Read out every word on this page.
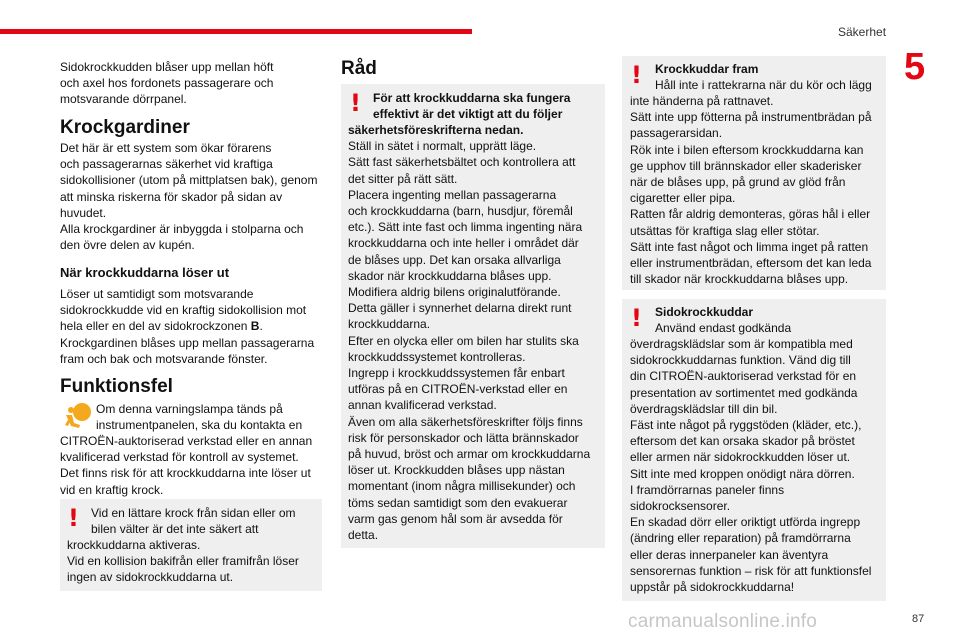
Säkerhet
5

Sidokrockkudden blåser upp mellan höft

och axel hos fordonets passagerare och

motsvarande dörrpanel.

Krockgardiner

Det här är ett system som ökar förarens

och passagerarnas säkerhet vid kraftiga

sidokollisioner (utom på mittplatsen bak), genom

att minska riskerna för skador på sidan av

huvudet.

Alla krockgardiner är inbyggda i stolparna och

den övre delen av kupén.

När krockkuddarna löser ut

Löser ut samtidigt som motsvarande

sidokrockkudde vid en kraftig sidokollision mot

hela eller en del av sidokrockzonen B.

Krockgardinen blåses upp mellan passagerarna

fram och bak och motsvarande fönster.

Funktionsfel

Om denna varningslampa tänds på

instrumentpanelen, ska du kontakta en

CITROËN-auktoriserad verkstad eller en annan

kvalificerad verkstad för kontroll av systemet.

Det finns risk för att krockkuddarna inte löser ut

vid en kraftig krock.

! Vid en lättare krock från sidan eller om

bilen välter är det inte säkert att

krockkuddarna aktiveras.

Vid en kollision bakifrån eller framifrån löser

ingen av sidokrockkuddarna ut.

Råd
! För att krockkuddarna ska fungera

effektivt är det viktigt att du följer

säkerhetsföreskrifterna nedan.

Ställ in sätet i normalt, upprätt läge.

Sätt fast säkerhetsbältet och kontrollera att

det sitter på rätt sätt.

Placera ingenting mellan passagerarna

och krockkuddarna (barn, husdjur, föremål

etc.). Sätt inte fast och limma ingenting nära

krockkuddarna och inte heller i området där

de blåses upp. Det kan orsaka allvarliga

skador när krockkuddarna blåses upp.

Modifiera aldrig bilens originalutförande.

Detta gäller i synnerhet delarna direkt runt

krockkuddarna.

Efter en olycka eller om bilen har stulits ska

krockkuddssystemet kontrolleras.

Ingrepp i krockkuddssystemen får enbart

utföras på en CITROËN-verkstad eller en

annan kvalificerad verkstad.

Även om alla säkerhetsföreskrifter följs finns

risk för personskador och lätta brännskador

på huvud, bröst och armar om krockkuddarna

löser ut. Krockkudden blåses upp nästan

momentant (inom några millisekunder) och

töms sedan samtidigt som den evakuerar

varm gas genom hål som är avsedda för

detta.

! Krockkuddar fram

Håll inte i rattekrarna när du kör och lägg

inte händerna på rattnavet.

Sätt inte upp fötterna på instrumentbrädan på

passagerarsidan.

Rök inte i bilen eftersom krockkuddarna kan

ge upphov till brännskador eller skaderisker

när de blåses upp, på grund av glöd från

cigaretter eller pipa.

Ratten får aldrig demonteras, göras hål i eller

utsättas för kraftiga slag eller stötar.

Sätt inte fast något och limma inget på ratten

eller instrumentbrädan, eftersom det kan leda

till skador när krockkuddarna blåses upp.

! Sidokrockkuddar

Använd endast godkända

överdragsklädslar som är kompatibla med

sidokrockkuddarnas funktion. Vänd dig till

din CITROËN-auktoriserad verkstad för en

presentation av sortimentet med godkända

överdragsklädslar till din bil.

Fäst inte något på ryggstöden (kläder, etc.),

eftersom det kan orsaka skador på bröstet

eller armen när sidokrockkudden löser ut.

Sitt inte med kroppen onödigt nära dörren.

I framdörrarnas paneler finns

sidokrocksensorer.

En skadad dörr eller oriktigt utförda ingrepp

(ändring eller reparation) på framdörrarna

eller deras innerpaneler kan äventyra

sensorernas funktion – risk för att funktionsfel

uppstår på sidokrockkuddarna!

carmanualsonline.info	87
